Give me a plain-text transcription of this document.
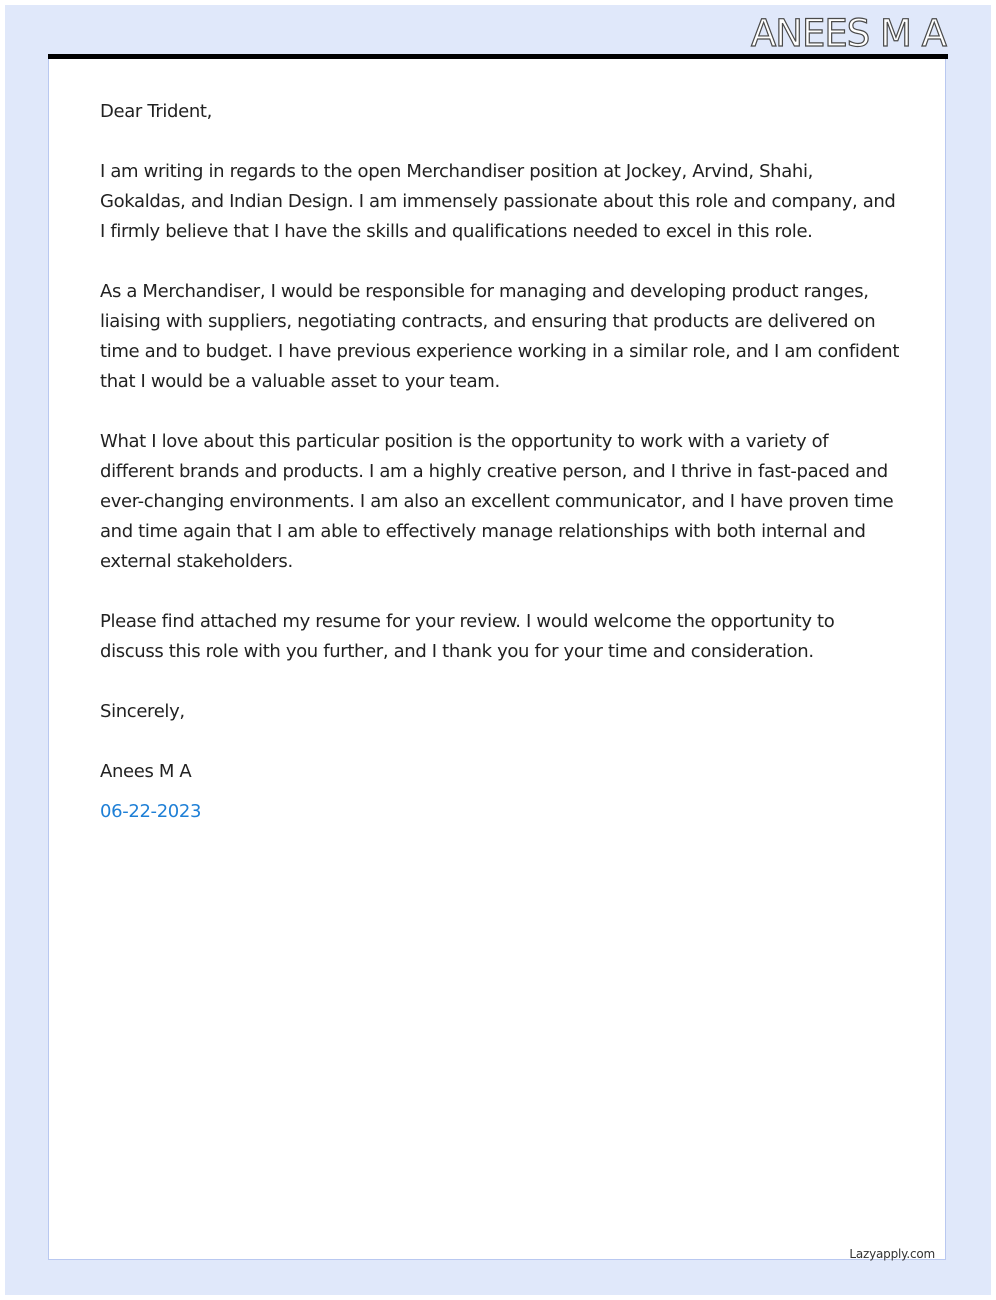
ANEES M A

Dear Trident,

I am writing in regards to the open Merchandiser position at Jockey, Arvind, Shahi, Gokaldas, and Indian Design. I am immensely passionate about this role and company, and I firmly believe that I have the skills and qualifications needed to excel in this role.

As a Merchandiser, I would be responsible for managing and developing product ranges, liaising with suppliers, negotiating contracts, and ensuring that products are delivered on time and to budget. I have previous experience working in a similar role, and I am confident that I would be a valuable asset to your team.

What I love about this particular position is the opportunity to work with a variety of different brands and products. I am a highly creative person, and I thrive in fast-paced and ever-changing environments. I am also an excellent communicator, and I have proven time and time again that I am able to effectively manage relationships with both internal and external stakeholders.

Please find attached my resume for your review. I would welcome the opportunity to discuss this role with you further, and I thank you for your time and consideration.

Sincerely,

Anees M A

06-22-2023

Lazyapply.com
